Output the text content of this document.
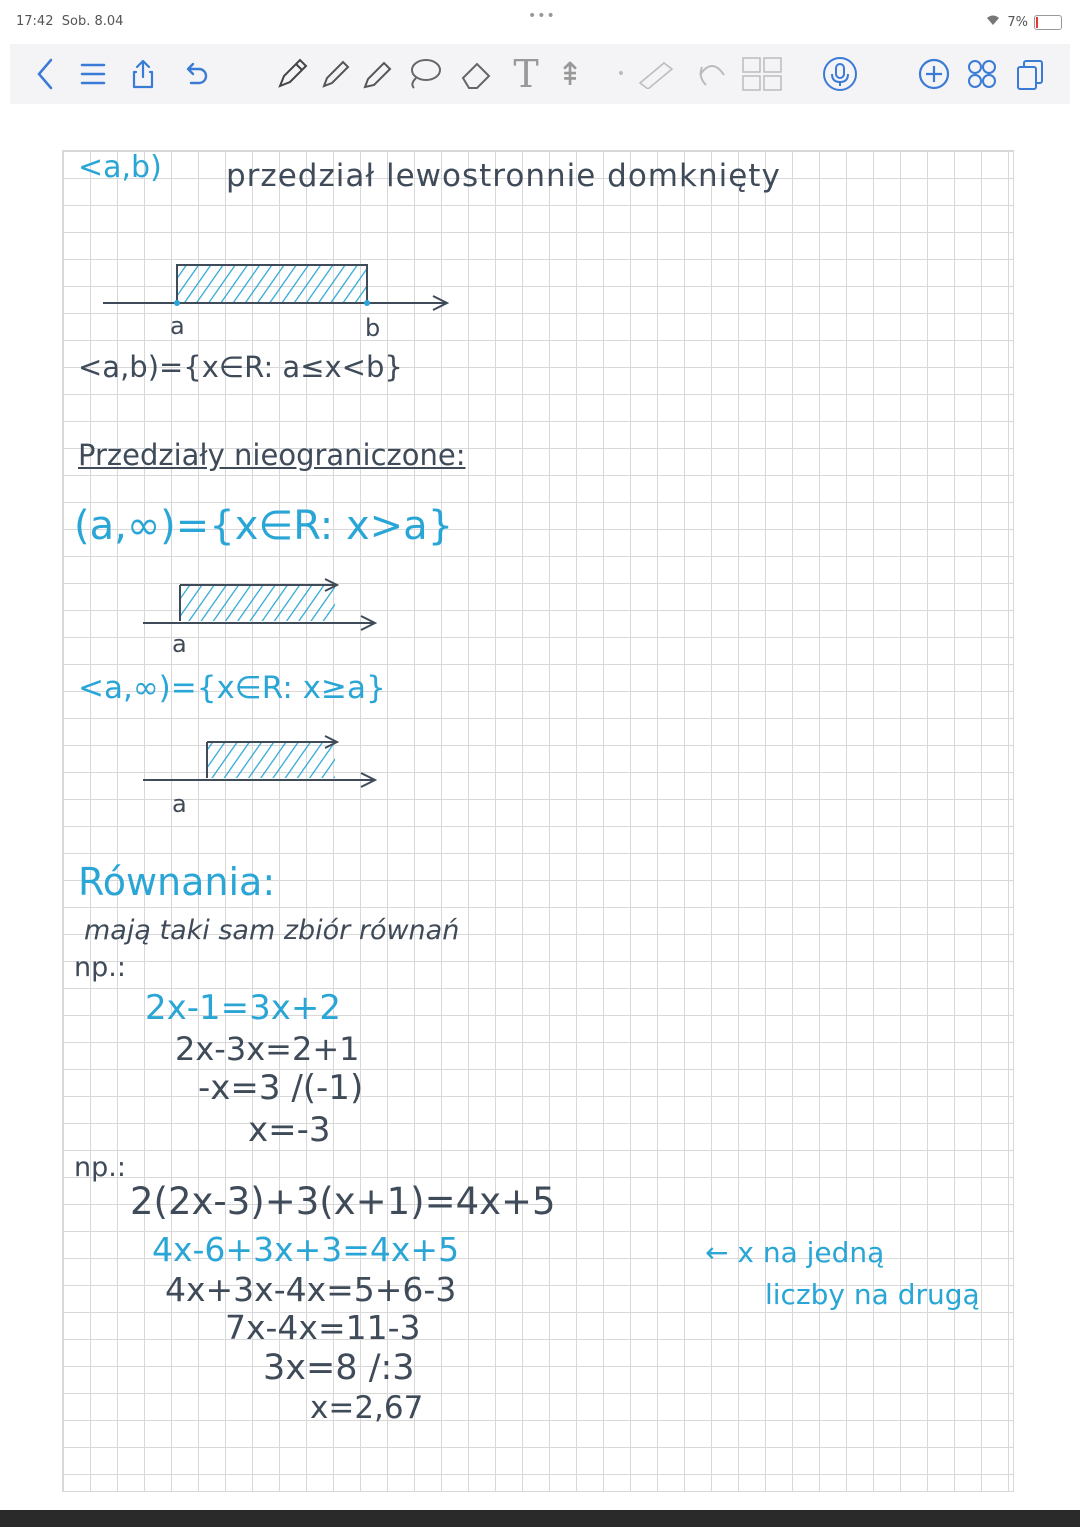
17:42 Sob. 8.04	•••	7%
T ⇞	•
<a,b) przedział lewostronnie domknięty
a	b
<a,b)={x∈R: a≤x<b}
Przedziały nieograniczone:
(a,∞)={x∈R: x>a}
a
<a,∞)={x∈R: x≥a}
a
Równania:
mają taki sam zbiór równań
np.:
2x-1=3x+2
2x-3x=2+1
-x=3 /(-1)
x=-3
np.:
2(2x-3)+3(x+1)=4x+5
4x-6+3x+3=4x+5
4x+3x-4x=5+6-3
7x-4x=11-3
3x=8 /:3
x=2,67
← x na jedną
liczby na drugą
